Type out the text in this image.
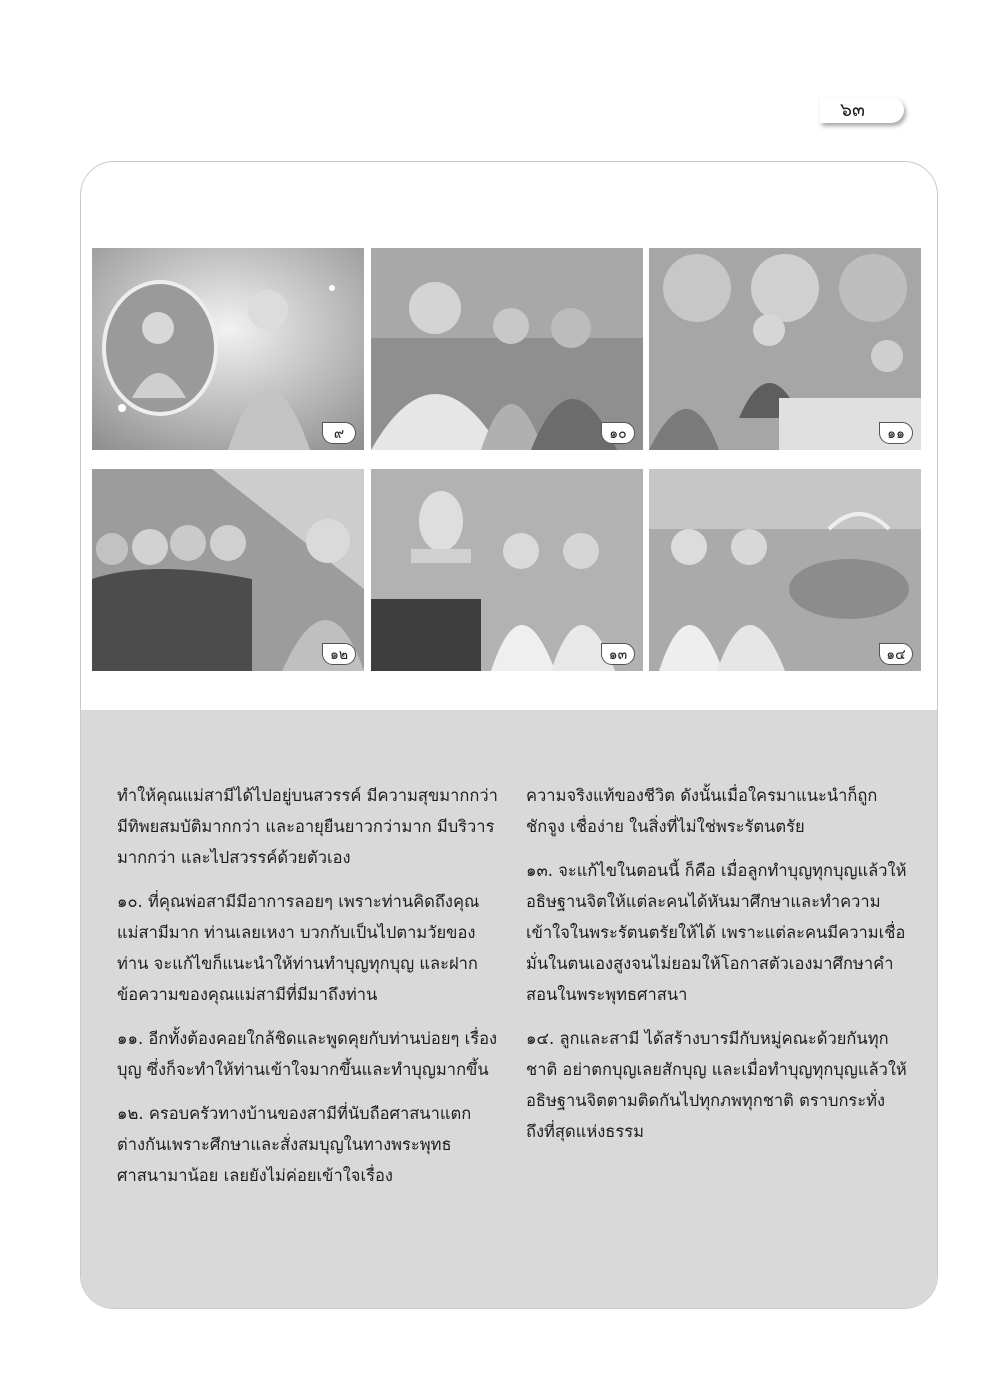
๖๓
๙	๑๐	๑๑
๑๒	๑๓	๑๔

ทำให้คุณแม่สามีได้ไปอยู่บนสวรรค์ มีความสุขมากกว่า มีทิพยสมบัติมากกว่า และอายุยืนยาวกว่ามาก มีบริวารมากกว่า และไปสวรรค์ด้วยตัวเอง

๑๐. ที่คุณพ่อสามีมีอาการลอยๆ เพราะท่านคิดถึงคุณแม่สามีมาก ท่านเลยเหงา บวกกับเป็นไปตามวัยของท่าน จะแก้ไขก็แนะนำให้ท่านทำบุญทุกบุญ และฝากข้อความของคุณแม่สามีที่มีมาถึงท่าน

๑๑. อีกทั้งต้องคอยใกล้ชิดและพูดคุยกับท่านบ่อยๆ เรื่องบุญ ซึ่งก็จะทำให้ท่านเข้าใจมากขึ้นและทำบุญมากขึ้น

๑๒. ครอบครัวทางบ้านของสามีที่นับถือศาสนาแตกต่างกันเพราะศึกษาและสั่งสมบุญในทางพระพุทธศาสนามาน้อย เลยยังไม่ค่อยเข้าใจเรื่อง

ความจริงแท้ของชีวิต ดังนั้นเมื่อใครมาแนะนำก็ถูกชักจูง เชื่อง่าย ในสิ่งที่ไม่ใช่พระรัตนตรัย

๑๓. จะแก้ไขในตอนนี้ ก็คือ เมื่อลูกทำบุญทุกบุญแล้วให้อธิษฐานจิตให้แต่ละคนได้หันมาศึกษาและทำความเข้าใจในพระรัตนตรัยให้ได้ เพราะแต่ละคนมีความเชื่อมั่นในตนเองสูงจนไม่ยอมให้โอกาสตัวเองมาศึกษาคำสอนในพระพุทธศาสนา

๑๔. ลูกและสามี ได้สร้างบารมีกับหมู่คณะด้วยกันทุกชาติ อย่าตกบุญเลยสักบุญ และเมื่อทำบุญทุกบุญแล้วให้อธิษฐานจิตตามติดกันไปทุกภพทุกชาติ ตราบกระทั่งถึงที่สุดแห่งธรรม
